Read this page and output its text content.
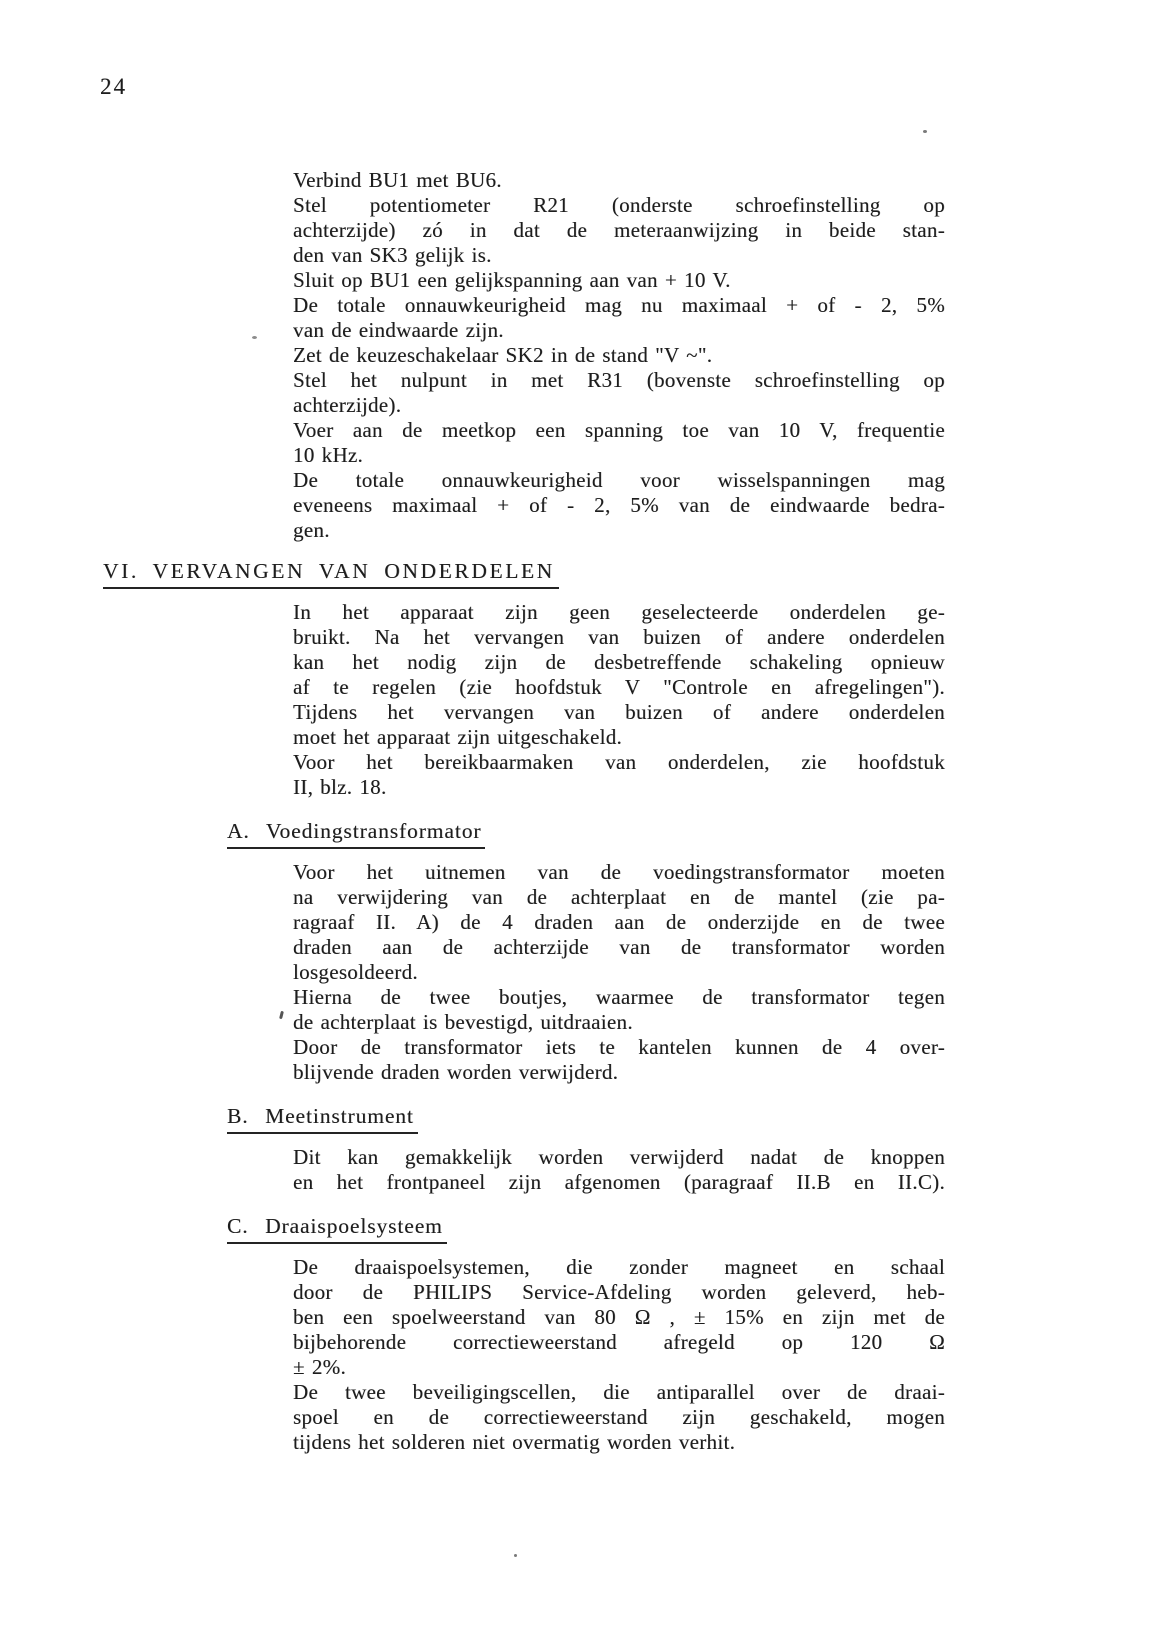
24
Verbind BU1 met BU6.
Stel potentiometer R21 (onderste schroefinstelling op
achterzijde) zó in dat de meteraanwijzing in beide stan-
den van SK3 gelijk is.
Sluit op BU1 een gelijkspanning aan van + 10 V.
De totale onnauwkeurigheid mag nu maximaal + of - 2, 5%
van de eindwaarde zijn.
Zet de keuzeschakelaar SK2 in de stand "V ~".
Stel het nulpunt in met R31 (bovenste schroefinstelling op
achterzijde).
Voer aan de meetkop een spanning toe van 10 V, frequentie
10 kHz.
De totale onnauwkeurigheid voor wisselspanningen mag
eveneens maximaal + of - 2, 5% van de eindwaarde bedra-
gen.
VI. VERVANGEN VAN ONDERDELEN
In het apparaat zijn geen geselecteerde onderdelen ge-
bruikt. Na het vervangen van buizen of andere onderdelen
kan het nodig zijn de desbetreffende schakeling opnieuw
af te regelen (zie hoofdstuk V "Controle en afregelingen").
Tijdens het vervangen van buizen of andere onderdelen
moet het apparaat zijn uitgeschakeld.
Voor het bereikbaarmaken van onderdelen, zie hoofdstuk
II, blz. 18.
A.  Voedingstransformator
Voor het uitnemen van de voedingstransformator moeten
na verwijdering van de achterplaat en de mantel (zie pa-
ragraaf II. A) de 4 draden aan de onderzijde en de twee
draden aan de achterzijde van de transformator worden
losgesoldeerd.
Hierna de twee boutjes, waarmee de transformator tegen
de achterplaat is bevestigd, uitdraaien.
Door de transformator iets te kantelen kunnen de 4 over-
blijvende draden worden verwijderd.
B.  Meetinstrument
Dit kan gemakkelijk worden verwijderd nadat de knoppen
en het frontpaneel zijn afgenomen (paragraaf II.B en II.C).
C.  Draaispoelsysteem
De draaispoelsystemen, die zonder magneet en schaal
door de PHILIPS Service-Afdeling worden geleverd, heb-
ben een spoelweerstand van 80 Ω , ± 15% en zijn met de
bijbehorende correctieweerstand afregeld op 120 Ω
± 2%.
De twee beveiligingscellen, die antiparallel over de draai-
spoel en de correctieweerstand zijn geschakeld, mogen
tijdens het solderen niet overmatig worden verhit.
